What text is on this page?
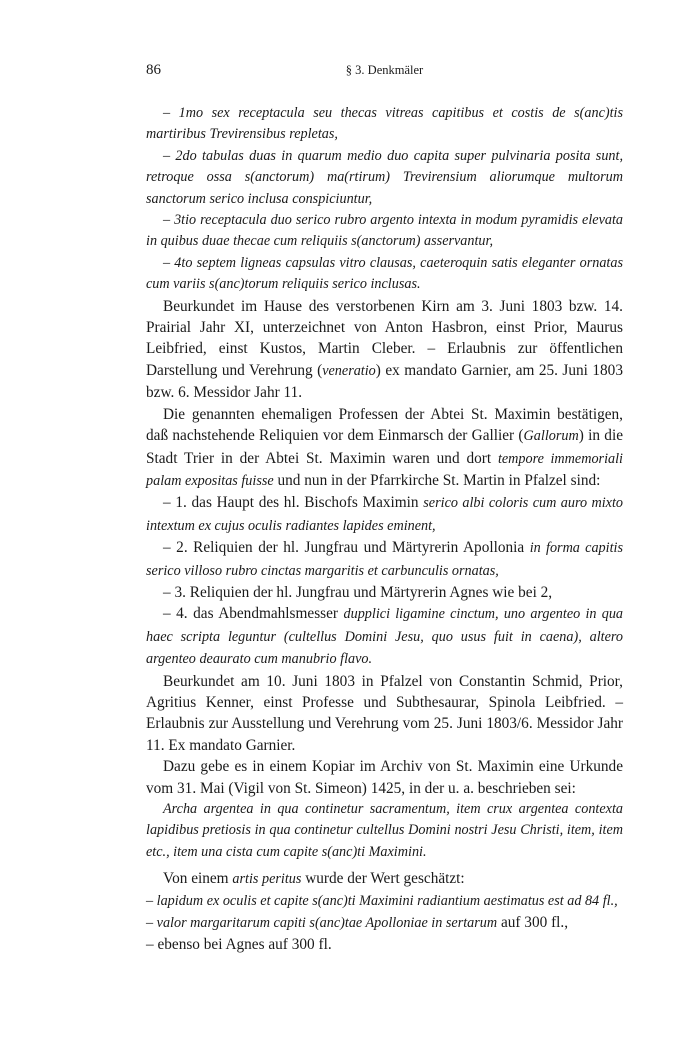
86	§ 3. Denkmäler

– 1mo sex receptacula seu thecas vitreas capitibus et costis de s(anc)tis martiribus Trevirensibus repletas,

– 2do tabulas duas in quarum medio duo capita super pulvinaria posita sunt, retroque ossa s(anctorum) ma(rtirum) Trevirensium aliorumque multorum sanctorum serico inclusa conspiciuntur,

– 3tio receptacula duo serico rubro argento intexta in modum pyramidis elevata in quibus duae thecae cum reliquiis s(anctorum) asservantur,

– 4to septem ligneas capsulas vitro clausas, caeteroquin satis eleganter ornatas cum variis s(anc)torum reliquiis serico inclusas.

Beurkundet im Hause des verstorbenen Kirn am 3. Juni 1803 bzw. 14. Prairial Jahr XI, unterzeichnet von Anton Hasbron, einst Prior, Maurus Leibfried, einst Kustos, Martin Cleber. – Erlaubnis zur öffentlichen Darstellung und Verehrung (veneratio) ex mandato Garnier, am 25. Juni 1803 bzw. 6. Messidor Jahr 11.

Die genannten ehemaligen Professen der Abtei St. Maximin bestätigen, daß nachstehende Reliquien vor dem Einmarsch der Gallier (Gallorum) in die Stadt Trier in der Abtei St. Maximin waren und dort tempore immemoriali palam expositas fuisse und nun in der Pfarrkirche St. Martin in Pfalzel sind:

– 1. das Haupt des hl. Bischofs Maximin serico albi coloris cum auro mixto intextum ex cujus oculis radiantes lapides eminent,

– 2. Reliquien der hl. Jungfrau und Märtyrerin Apollonia in forma capitis serico villoso rubro cinctas margaritis et carbunculis ornatas,

– 3. Reliquien der hl. Jungfrau und Märtyrerin Agnes wie bei 2,

– 4. das Abendmahlsmesser dupplici ligamine cinctum, uno argenteo in qua haec scripta leguntur (cultellus Domini Jesu, quo usus fuit in caena), altero argenteo deaurato cum manubrio flavo.

Beurkundet am 10. Juni 1803 in Pfalzel von Constantin Schmid, Prior, Agritius Kenner, einst Professe und Subthesaurar, Spinola Leibfried. – Erlaubnis zur Ausstellung und Verehrung vom 25. Juni 1803/6. Messidor Jahr 11. Ex mandato Garnier.

Dazu gebe es in einem Kopiar im Archiv von St. Maximin eine Urkunde vom 31. Mai (Vigil von St. Simeon) 1425, in der u. a. beschrieben sei:

Archa argentea in qua continetur sacramentum, item crux argentea contexta lapidibus pretiosis in qua continetur cultellus Domini nostri Jesu Christi, item, item etc., item una cista cum capite s(anc)ti Maximini.

Von einem artis peritus wurde der Wert geschätzt:

– lapidum ex oculis et capite s(anc)ti Maximini radiantium aestimatus est ad 84 fl.,

– valor margaritarum capiti s(anc)tae Apolloniae in sertarum auf 300 fl.,

– ebenso bei Agnes auf 300 fl.
